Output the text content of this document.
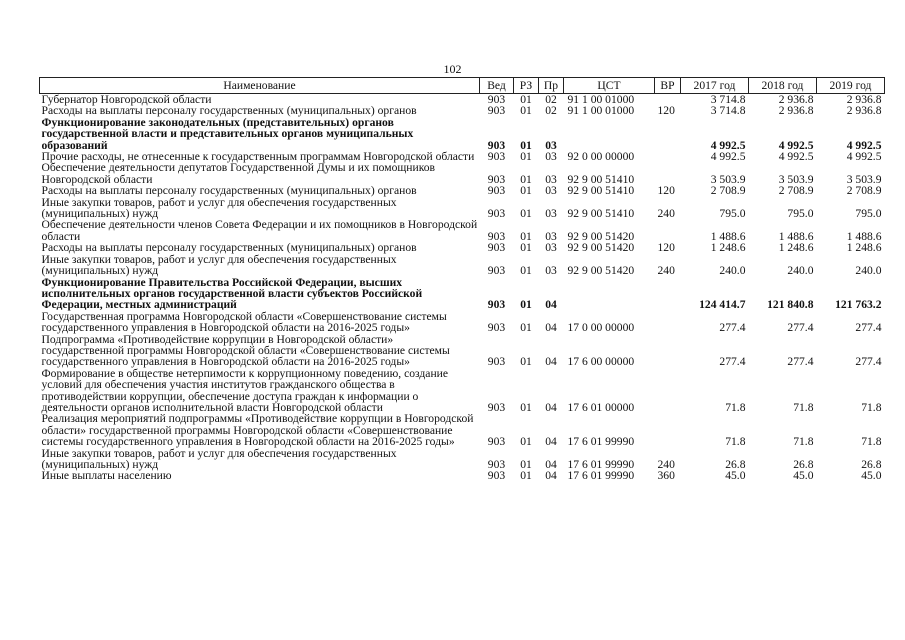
102
Наименование	Вед	РЗ	Пр	ЦСТ	ВР	2017 год	2018 год	2019 год
Губернатор Новгородской области	903	01	02	91 1 00 01000		3 714.8	2 936.8	2 936.8
Расходы на выплаты персоналу государственных (муниципальных) органов	903	01	02	91 1 00 01000	120	3 714.8	2 936.8	2 936.8
Функционирование законодательных (представительных) органов государственной власти и представительных органов муниципальных образований	903	01	03			4 992.5	4 992.5	4 992.5
Прочие расходы, не отнесенные к государственным программам Новгородской области	903	01	03	92 0 00 00000		4 992.5	4 992.5	4 992.5
Обеспечение деятельности депутатов Государственной Думы и их помощников Новгородской области	903	01	03	92 9 00 51410		3 503.9	3 503.9	3 503.9
Расходы на выплаты персоналу государственных (муниципальных) органов	903	01	03	92 9 00 51410	120	2 708.9	2 708.9	2 708.9
Иные закупки товаров, работ и услуг для обеспечения государственных (муниципальных) нужд	903	01	03	92 9 00 51410	240	795.0	795.0	795.0
Обеспечение деятельности членов Совета Федерации и их помощников в Новгородской области	903	01	03	92 9 00 51420		1 488.6	1 488.6	1 488.6
Расходы на выплаты персоналу государственных (муниципальных) органов	903	01	03	92 9 00 51420	120	1 248.6	1 248.6	1 248.6
Иные закупки товаров, работ и услуг для обеспечения государственных (муниципальных) нужд	903	01	03	92 9 00 51420	240	240.0	240.0	240.0
Функционирование Правительства Российской Федерации, высших исполнительных органов государственной власти субъектов Российской Федерации, местных администраций	903	01	04			124 414.7	121 840.8	121 763.2
Государственная программа Новгородской области «Совершенствование системы государственного управления в Новгородской области на 2016-2025 годы»	903	01	04	17 0 00 00000		277.4	277.4	277.4
Подпрограмма «Противодействие коррупции в Новгородской области» государственной программы Новгородской области «Совершенствование системы государственного управления в Новгородской области на 2016-2025 годы»	903	01	04	17 6 00 00000		277.4	277.4	277.4
Формирование в обществе нетерпимости к коррупционному поведению, создание условий для обеспечения участия институтов гражданского общества в противодействии коррупции, обеспечение доступа граждан к информации о деятельности органов исполнительной власти Новгородской области	903	01	04	17 6 01 00000		71.8	71.8	71.8
Реализация мероприятий подпрограммы «Противодействие коррупции в Новгородской области» государственной программы Новгородской области «Совершенствование системы государственного управления в Новгородской области на 2016-2025 годы»	903	01	04	17 6 01 99990		71.8	71.8	71.8
Иные закупки товаров, работ и услуг для обеспечения государственных (муниципальных) нужд	903	01	04	17 6 01 99990	240	26.8	26.8	26.8
Иные выплаты населению	903	01	04	17 6 01 99990	360	45.0	45.0	45.0
